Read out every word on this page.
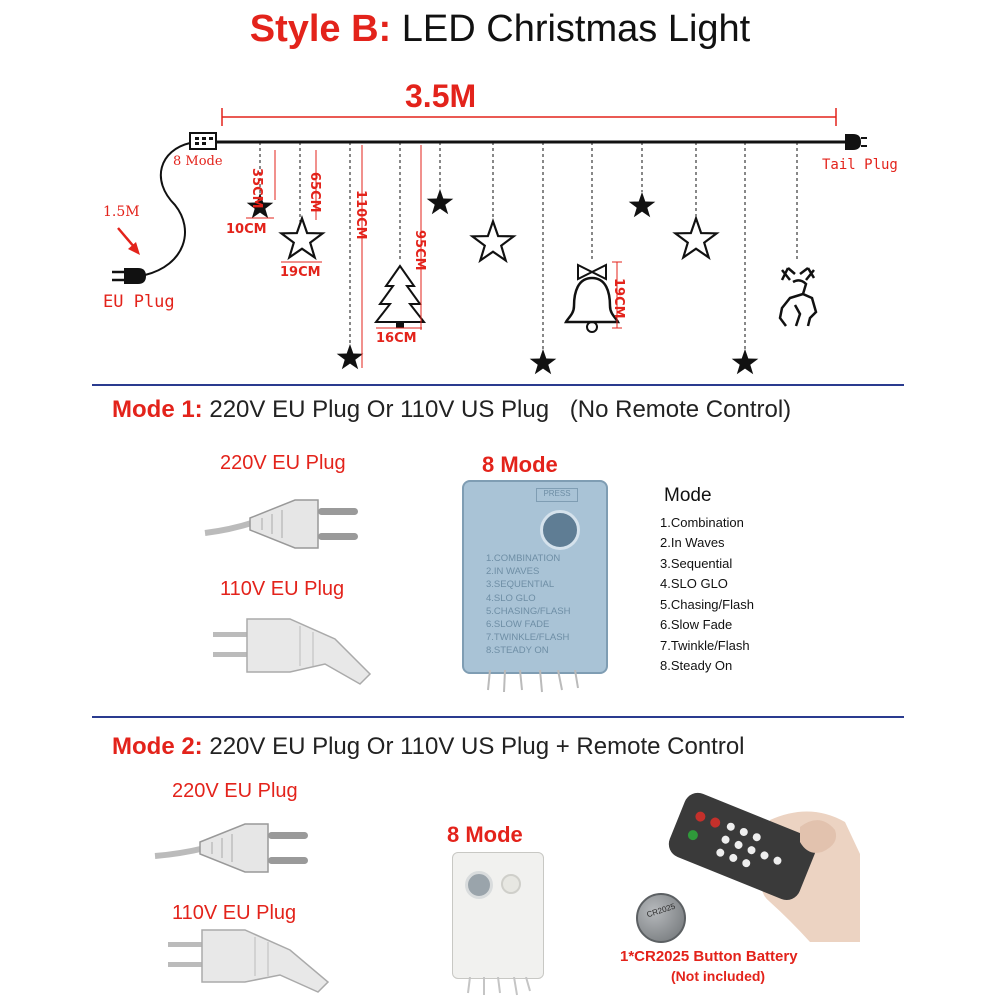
Style B: LED Christmas Light
3.5M
8 Mode	Tail Plug
1.5M
EU Plug
35CM
10CM
65CM
19CM
110CM
16CM
95CM
19CM
Mode 1: 220V EU Plug Or 110V US Plug (No Remote Control)
220V EU Plug
110V EU Plug
8 Mode
PRESS
1.COMBINATION
2.IN WAVES
3.SEQUENTIAL
4.SLO GLO
5.CHASING/FLASH
6.SLOW FADE
7.TWINKLE/FLASH
8.STEADY ON
Mode
1.Combination
2.In Waves
3.Sequential
4.SLO GLO
5.Chasing/Flash
6.Slow Fade
7.Twinkle/Flash
8.Steady On
Mode 2: 220V EU Plug Or 110V US Plug + Remote Control
220V EU Plug
110V EU Plug
8 Mode
CR2025
1*CR2025 Button Battery
(Not included)
